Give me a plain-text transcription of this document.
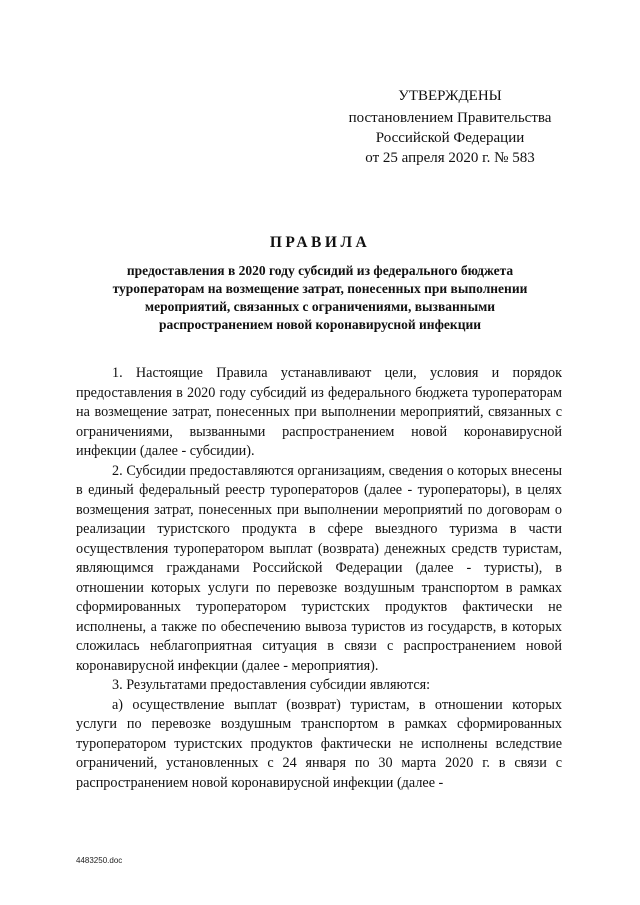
УТВЕРЖДЕНЫ
постановлением Правительства
Российской Федерации
от 25 апреля 2020 г. № 583
ПРАВИЛА
предоставления в 2020 году субсидий из федерального бюджета туроператорам на возмещение затрат, понесенных при выполнении мероприятий, связанных с ограничениями, вызванными распространением новой коронавирусной инфекции

1. Настоящие Правила устанавливают цели, условия и порядок предоставления в 2020 году субсидий из федерального бюджета туроператорам на возмещение затрат, понесенных при выполнении мероприятий, связанных с ограничениями, вызванными распространением новой коронавирусной инфекции (далее - субсидии).

2. Субсидии предоставляются организациям, сведения о которых внесены в единый федеральный реестр туроператоров (далее - туроператоры), в целях возмещения затрат, понесенных при выполнении мероприятий по договорам о реализации туристского продукта в сфере выездного туризма в части осуществления туроператором выплат (возврата) денежных средств туристам, являющимся гражданами Российской Федерации (далее - туристы), в отношении которых услуги по перевозке воздушным транспортом в рамках сформированных туроператором туристских продуктов фактически не исполнены, а также по обеспечению вывоза туристов из государств, в которых сложилась неблагоприятная ситуация в связи с распространением новой коронавирусной инфекции (далее - мероприятия).

3. Результатами предоставления субсидии являются:

а) осуществление выплат (возврат) туристам, в отношении которых услуги по перевозке воздушным транспортом в рамках сформированных туроператором туристских продуктов фактически не исполнены вследствие ограничений, установленных с 24 января по 30 марта 2020 г. в связи с распространением новой коронавирусной инфекции (далее -

4483250.doc
